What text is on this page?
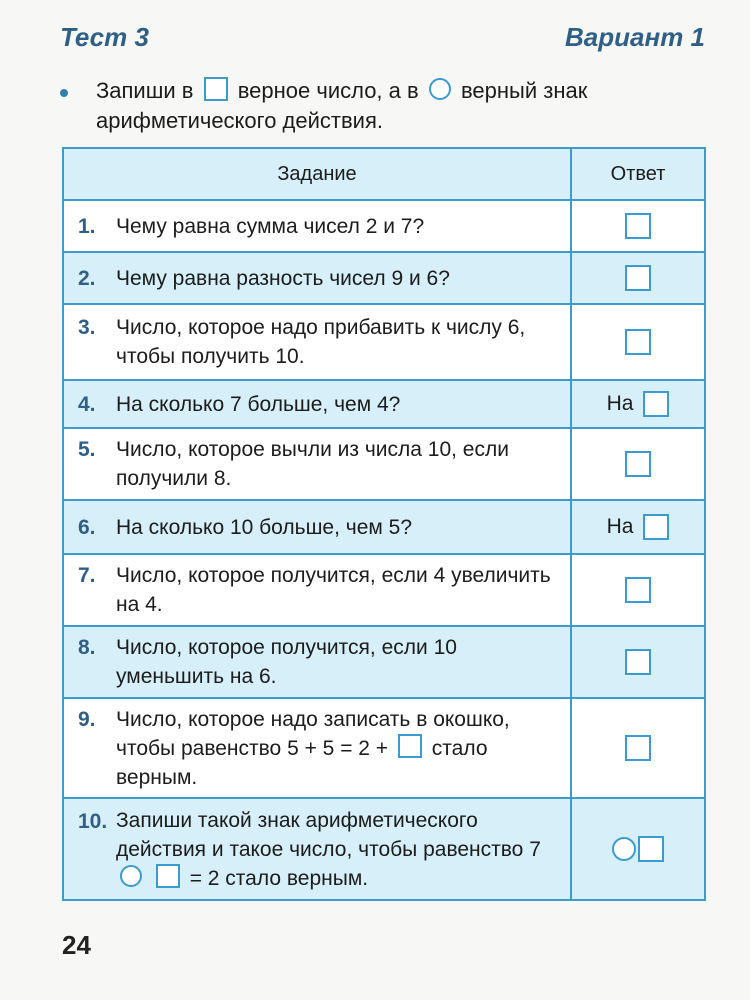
Тест 3	Вариант 1
Запиши в верное число, а в верный знак арифметического действия.
Задание	Ответ
1. Чему равна сумма чисел 2 и 7?
2. Чему равна разность чисел 9 и 6?
3. Число, которое надо прибавить к числу 6, чтобы получить 10.
4. На сколько 7 больше, чем 4?	На
5. Число, которое вычли из числа 10, если получили 8.
6. На сколько 10 больше, чем 5?	На
7. Число, которое получится, если 4 увеличить на 4.
8. Число, которое получится, если 10 уменьшить на 6.
9. Число, которое надо записать в окошко, чтобы равенство 5 + 5 = 2 + стало верным.
10. Запиши такой знак арифметического действия и такое число, чтобы равенство 7   = 2 стало верным.
24
